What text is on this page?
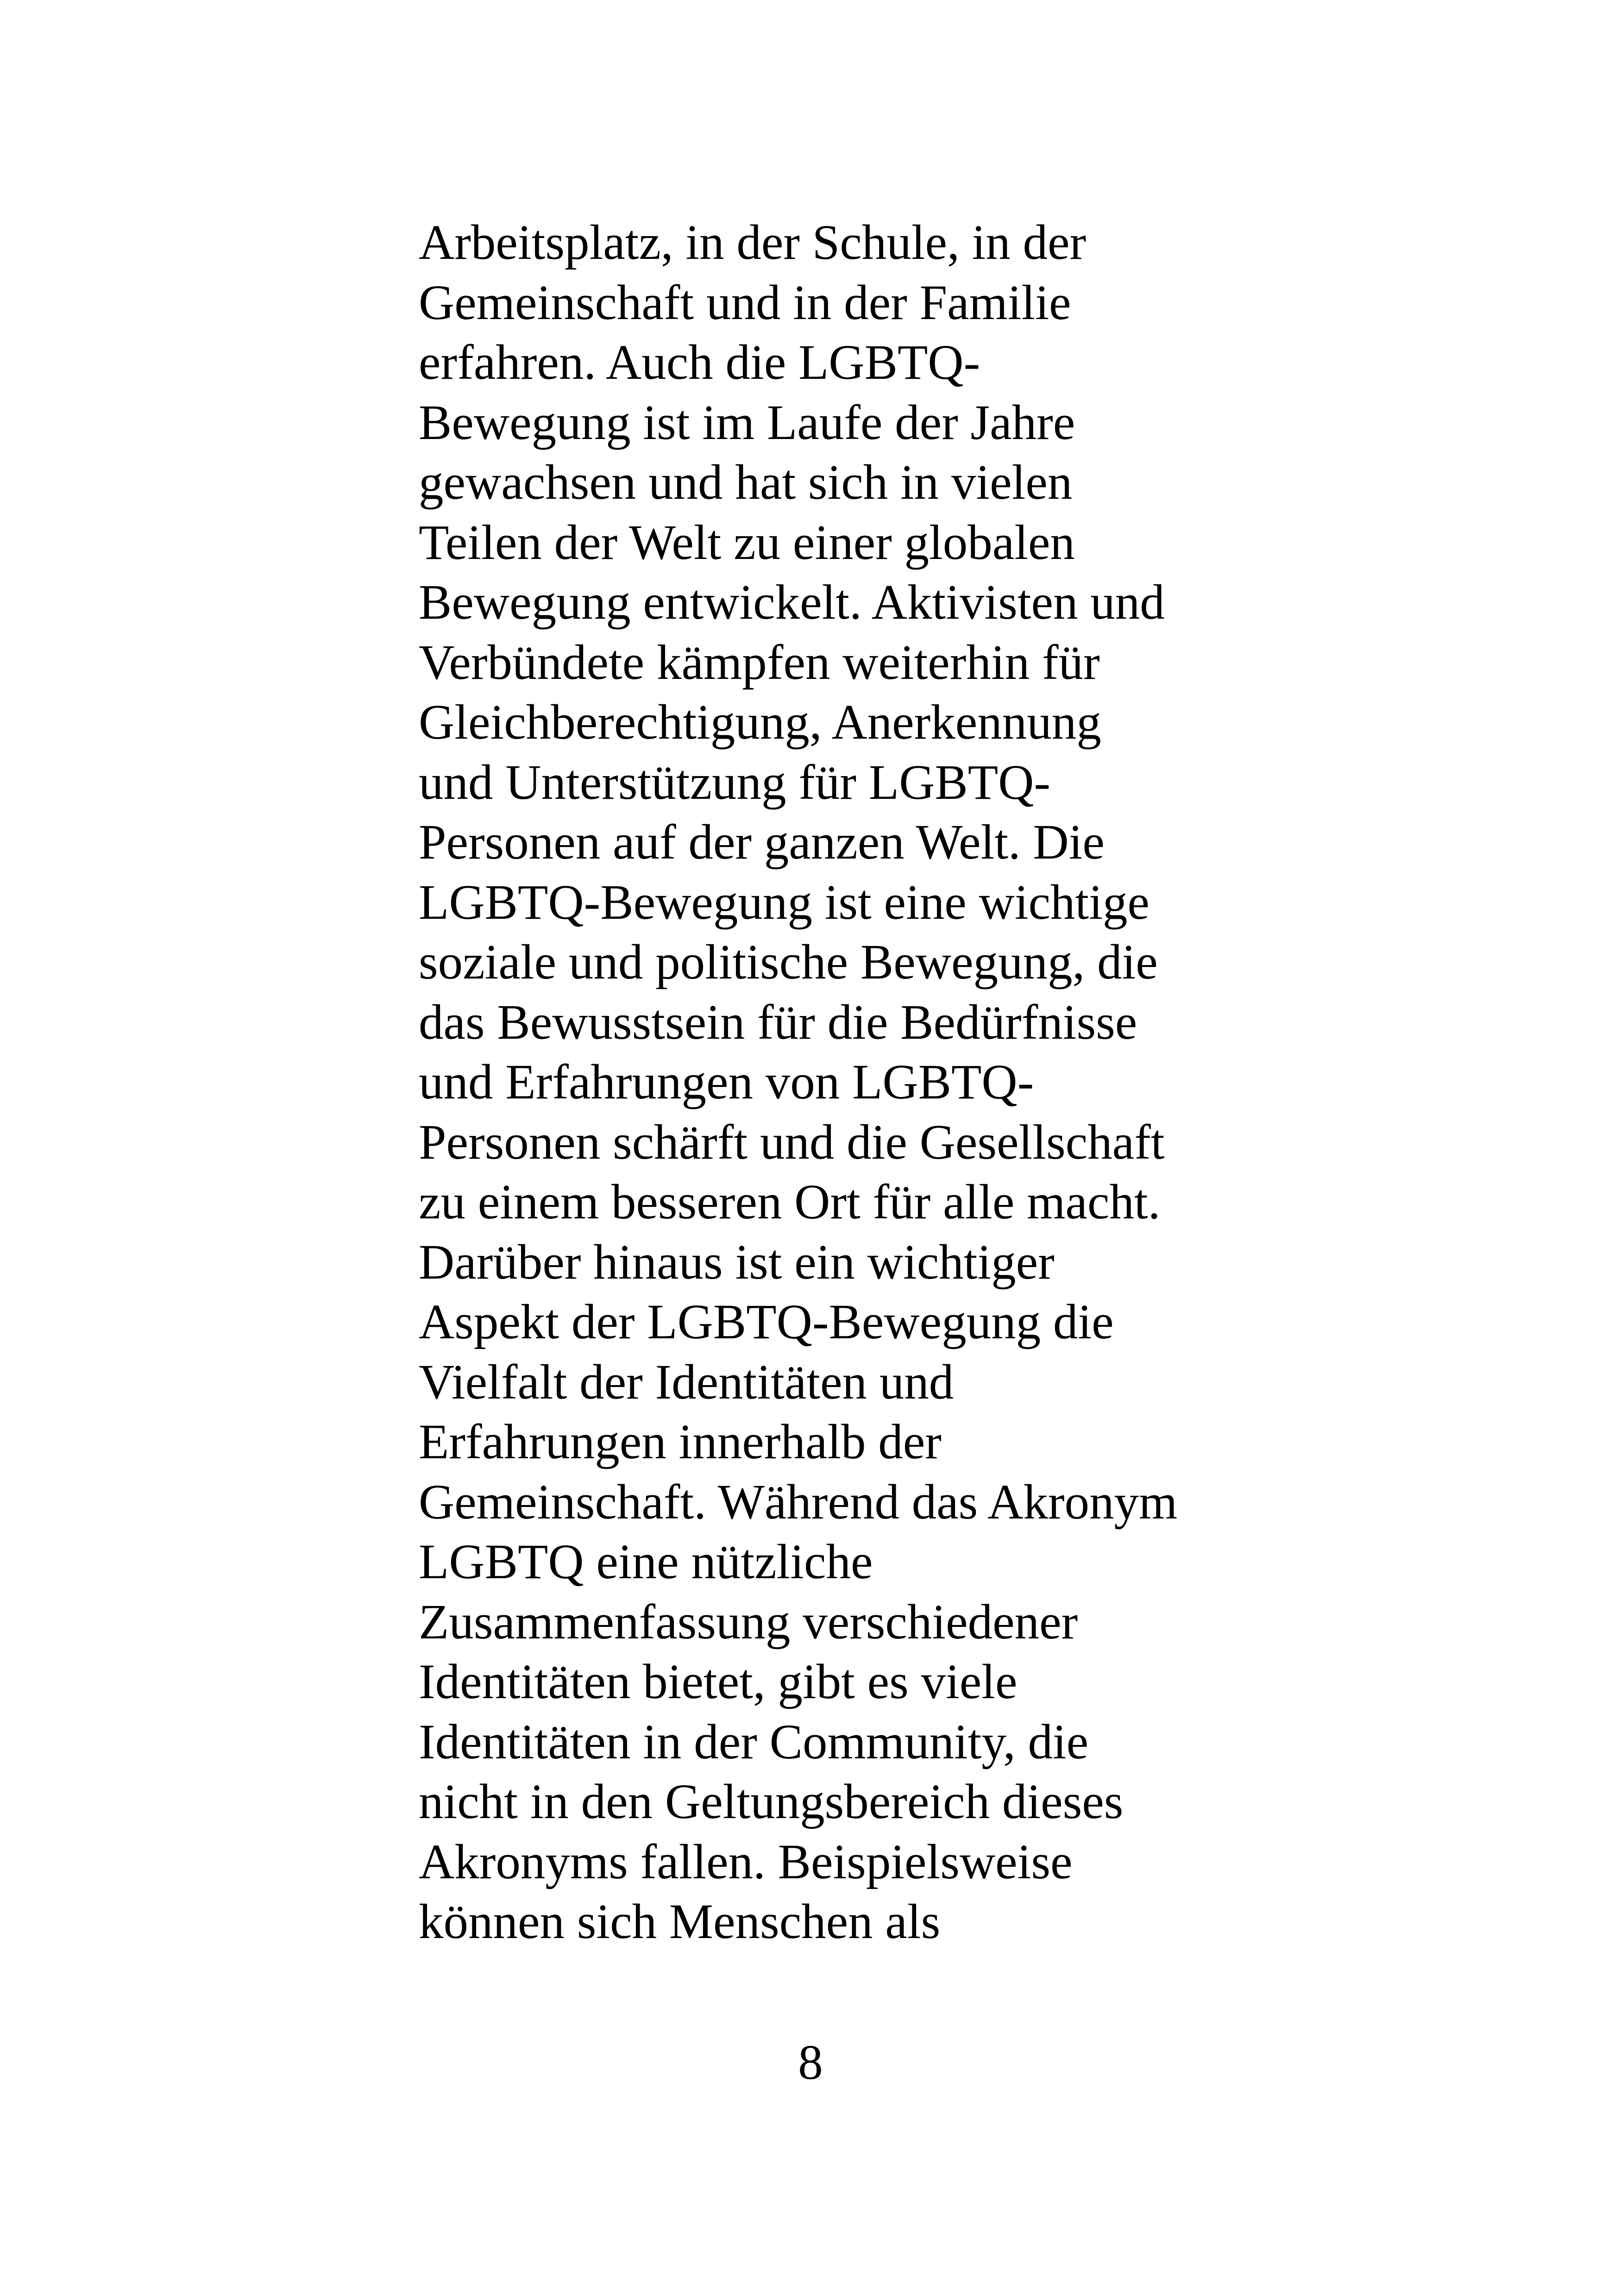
Arbeitsplatz, in der Schule, in der
Gemeinschaft und in der Familie
erfahren. Auch die LGBTQ-
Bewegung ist im Laufe der Jahre
gewachsen und hat sich in vielen
Teilen der Welt zu einer globalen
Bewegung entwickelt. Aktivisten und
Verbündete kämpfen weiterhin für
Gleichberechtigung, Anerkennung
und Unterstützung für LGBTQ-
Personen auf der ganzen Welt. Die
LGBTQ-Bewegung ist eine wichtige
soziale und politische Bewegung, die
das Bewusstsein für die Bedürfnisse
und Erfahrungen von LGBTQ-
Personen schärft und die Gesellschaft
zu einem besseren Ort für alle macht.
Darüber hinaus ist ein wichtiger
Aspekt der LGBTQ-Bewegung die
Vielfalt der Identitäten und
Erfahrungen innerhalb der
Gemeinschaft. Während das Akronym
LGBTQ eine nützliche
Zusammenfassung verschiedener
Identitäten bietet, gibt es viele
Identitäten in der Community, die
nicht in den Geltungsbereich dieses
Akronyms fallen. Beispielsweise
können sich Menschen als
8
